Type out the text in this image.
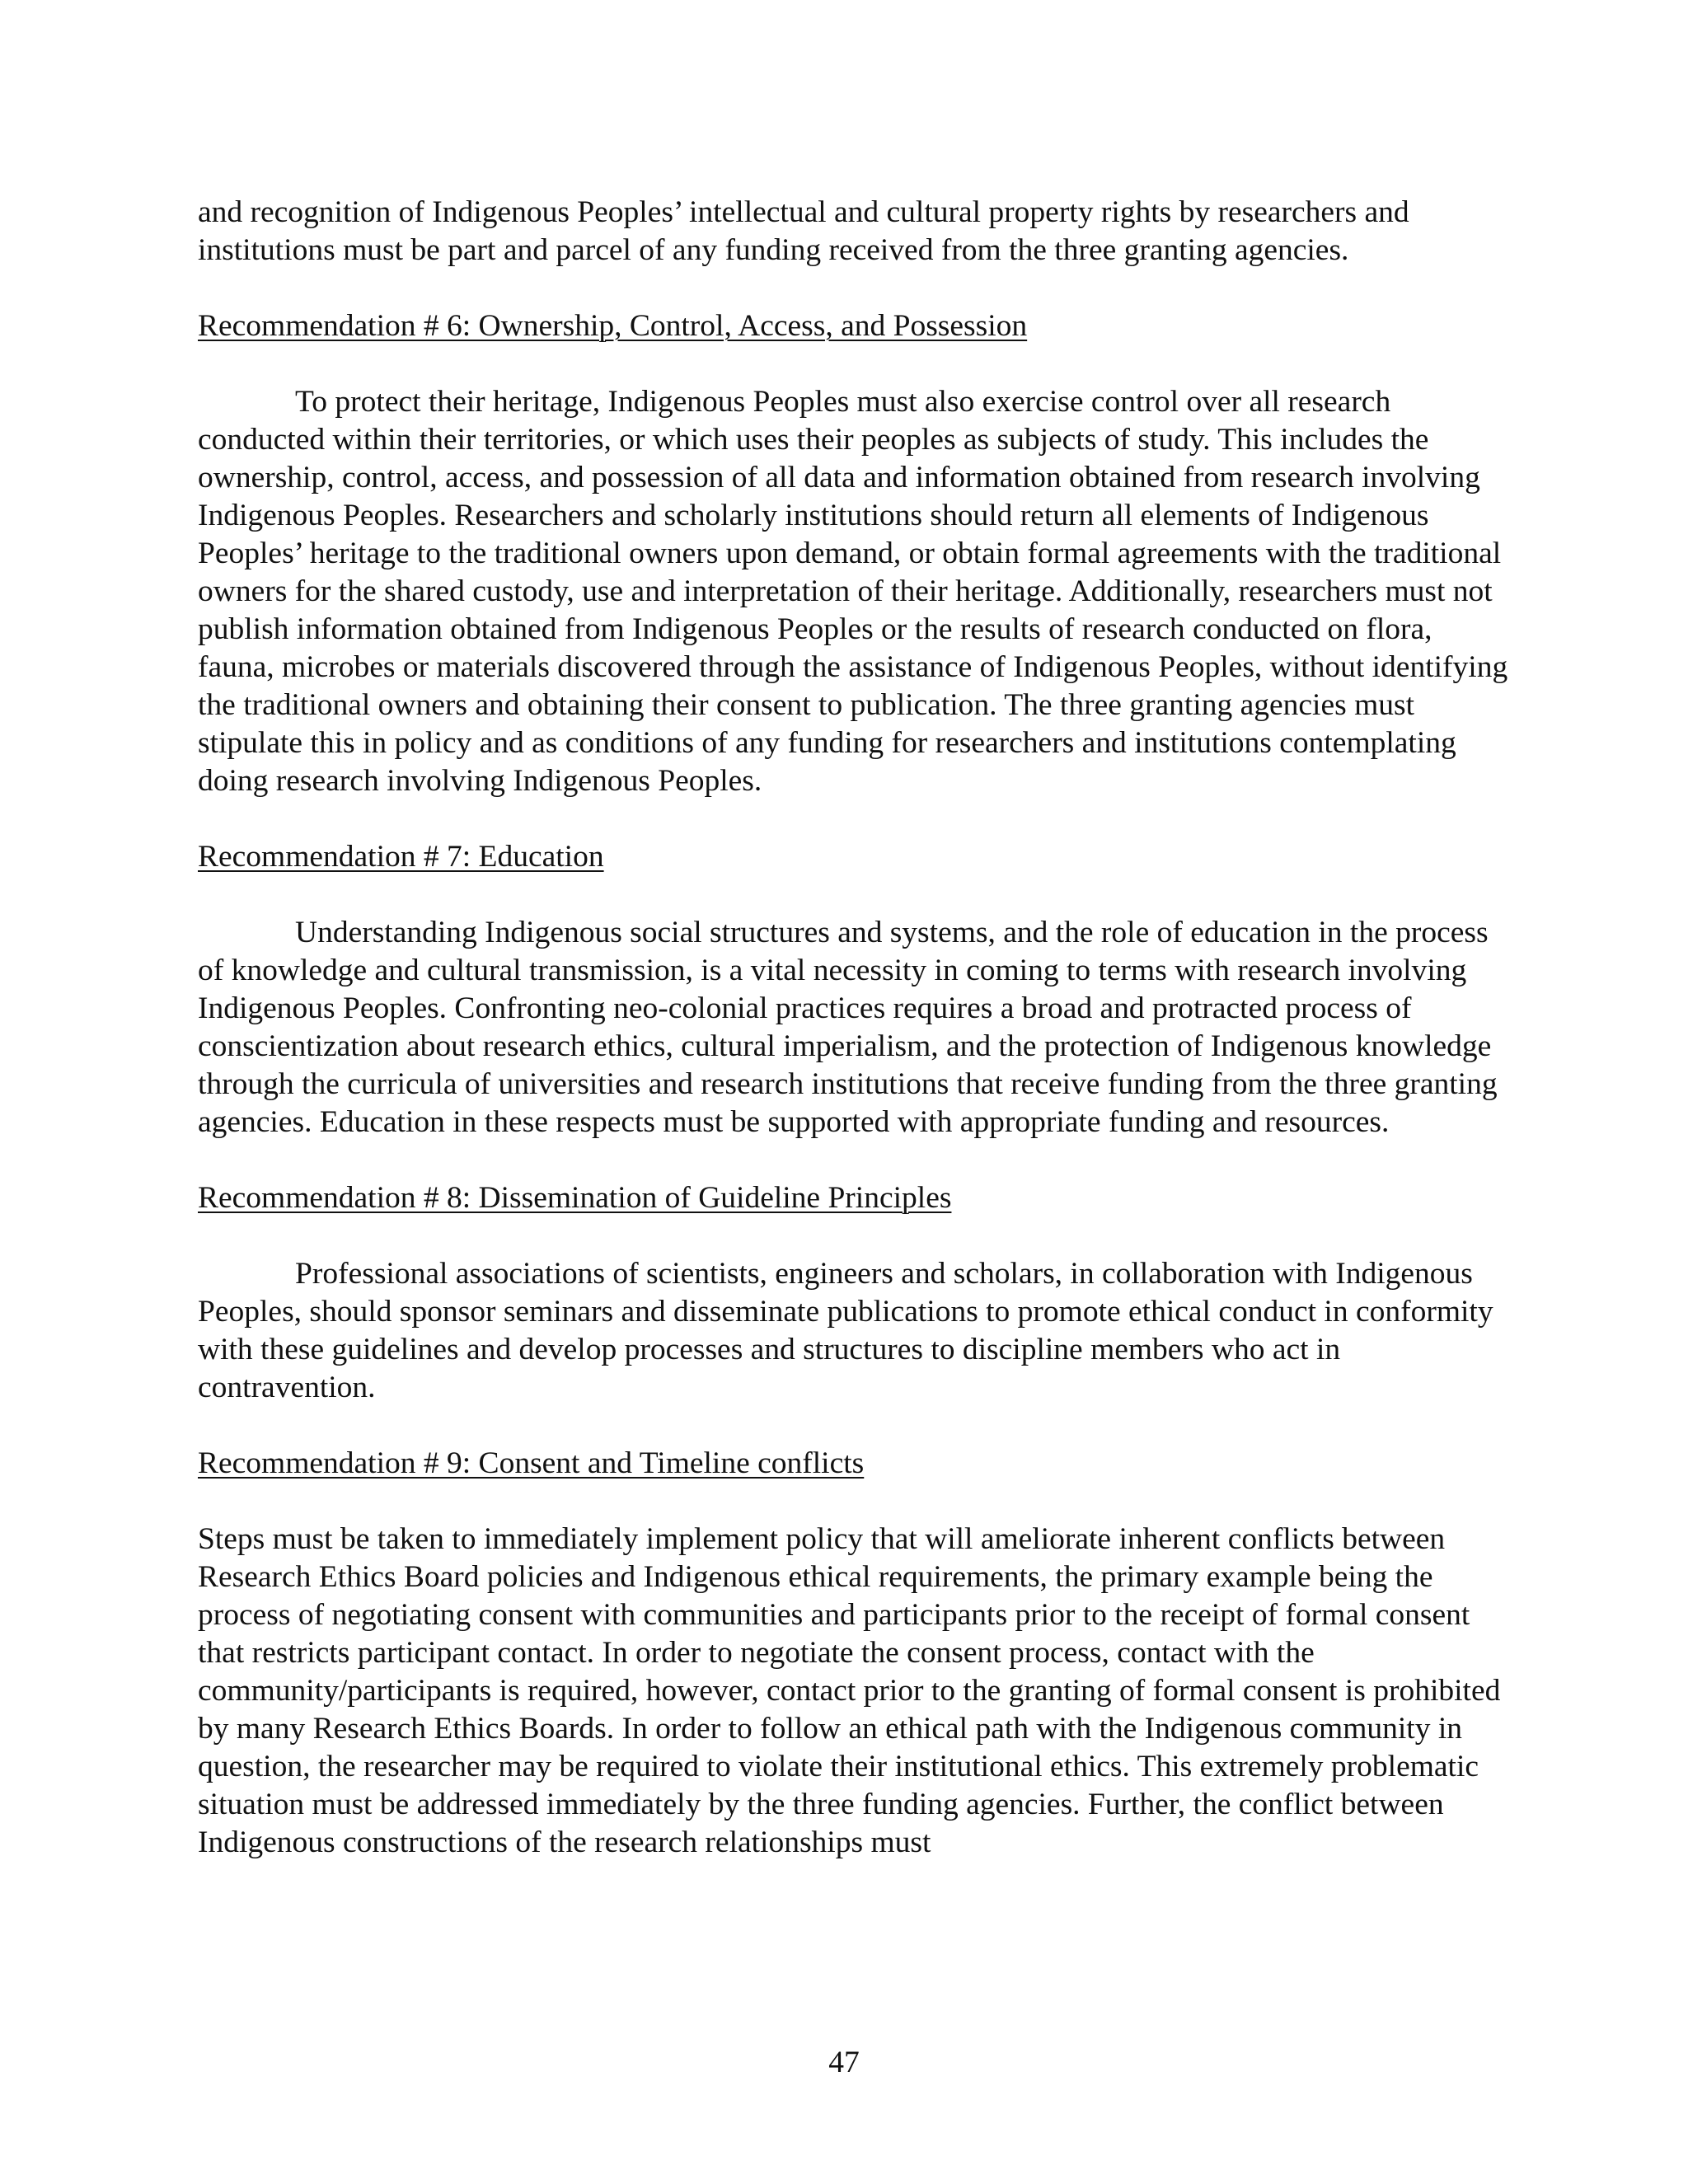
and recognition of Indigenous Peoples’ intellectual and cultural property rights by researchers and institutions must be part and parcel of any funding received from the three granting agencies.

Recommendation # 6: Ownership, Control, Access, and Possession

To protect their heritage, Indigenous Peoples must also exercise control over all research conducted within their territories, or which uses their peoples as subjects of study. This includes the ownership, control, access, and possession of all data and information obtained from research involving Indigenous Peoples. Researchers and scholarly institutions should return all elements of Indigenous Peoples’ heritage to the traditional owners upon demand, or obtain formal agreements with the traditional owners for the shared custody, use and interpretation of their heritage. Additionally, researchers must not publish information obtained from Indigenous Peoples or the results of research conducted on flora, fauna, microbes or materials discovered through the assistance of Indigenous Peoples, without identifying the traditional owners and obtaining their consent to publication. The three granting agencies must stipulate this in policy and as conditions of any funding for researchers and institutions contemplating doing research involving Indigenous Peoples.

Recommendation # 7: Education

Understanding Indigenous social structures and systems, and the role of education in the process of knowledge and cultural transmission, is a vital necessity in coming to terms with research involving Indigenous Peoples. Confronting neo-colonial practices requires a broad and protracted process of conscientization about research ethics, cultural imperialism, and the protection of Indigenous knowledge through the curricula of universities and research institutions that receive funding from the three granting agencies. Education in these respects must be supported with appropriate funding and resources.

Recommendation # 8: Dissemination of Guideline Principles

Professional associations of scientists, engineers and scholars, in collaboration with Indigenous Peoples, should sponsor seminars and disseminate publications to promote ethical conduct in conformity with these guidelines and develop processes and structures to discipline members who act in contravention.

Recommendation # 9: Consent and Timeline conflicts

Steps must be taken to immediately implement policy that will ameliorate inherent conflicts between Research Ethics Board policies and Indigenous ethical requirements, the primary example being the process of negotiating consent with communities and participants prior to the receipt of formal consent that restricts participant contact. In order to negotiate the consent process, contact with the community/participants is required, however, contact prior to the granting of formal consent is prohibited by many Research Ethics Boards. In order to follow an ethical path with the Indigenous community in question, the researcher may be required to violate their institutional ethics. This extremely problematic situation must be addressed immediately by the three funding agencies. Further, the conflict between Indigenous constructions of the research relationships must

47
